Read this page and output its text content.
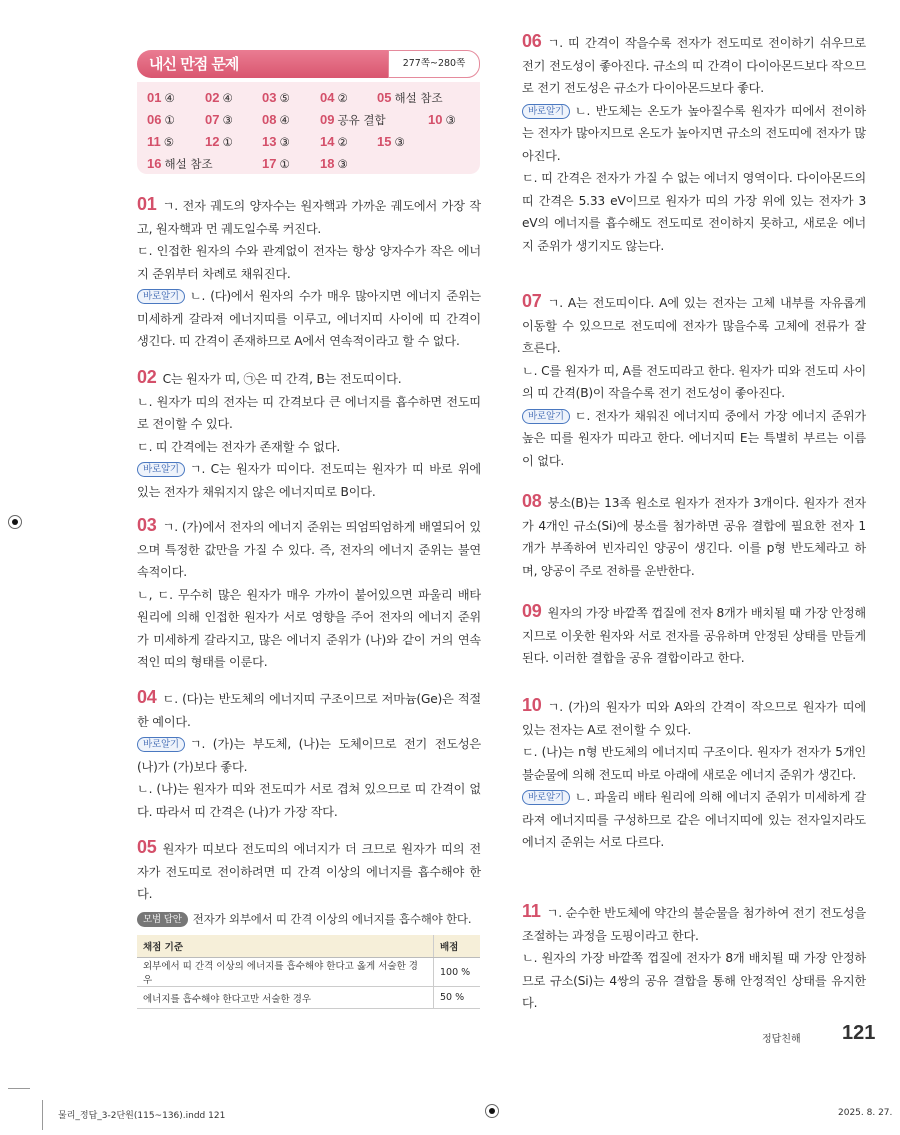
내신 만점 문제	277쪽~280쪽
01 ④ 02 ④ 03 ⑤ 04 ② 05 해설 참조
06 ① 07 ③ 08 ④ 09 공유 결합	10 ③
11 ⑤ 12 ① 13 ③ 14 ② 15 ③
16 해설 참조	17 ① 18 ③
01 ㄱ. 전자 궤도의 양자수는 원자핵과 가까운 궤도에서 가장 작고, 원자핵과 먼 궤도일수록 커진다.
ㄷ. 인접한 원자의 수와 관계없이 전자는 항상 양자수가 작은 에너지 준위부터 차례로 채워진다.
바로알기 ㄴ. (다)에서 원자의 수가 매우 많아지면 에너지 준위는 미세하게 갈라져 에너지띠를 이루고, 에너지띠 사이에 띠 간격이 생긴다. 띠 간격이 존재하므로 A에서 연속적이라고 할 수 없다.
02 C는 원자가 띠, ㉠은 띠 간격, B는 전도띠이다.
ㄴ. 원자가 띠의 전자는 띠 간격보다 큰 에너지를 흡수하면 전도띠로 전이할 수 있다.
ㄷ. 띠 간격에는 전자가 존재할 수 없다.
바로알기 ㄱ. C는 원자가 띠이다. 전도띠는 원자가 띠 바로 위에 있는 전자가 채워지지 않은 에너지띠로 B이다.
03 ㄱ. (가)에서 전자의 에너지 준위는 띄엄띄엄하게 배열되어 있으며 특정한 값만을 가질 수 있다. 즉, 전자의 에너지 준위는 불연속적이다.
ㄴ, ㄷ. 무수히 많은 원자가 매우 가까이 붙어있으면 파울리 배타 원리에 의해 인접한 원자가 서로 영향을 주어 전자의 에너지 준위가 미세하게 갈라지고, 많은 에너지 준위가 (나)와 같이 거의 연속적인 띠의 형태를 이룬다.
04 ㄷ. (다)는 반도체의 에너지띠 구조이므로 저마늄(Ge)은 적절한 예이다.
바로알기 ㄱ. (가)는 부도체, (나)는 도체이므로 전기 전도성은 (나)가 (가)보다 좋다.
ㄴ. (나)는 원자가 띠와 전도띠가 서로 겹쳐 있으므로 띠 간격이 없다. 따라서 띠 간격은 (나)가 가장 작다.
05 원자가 띠보다 전도띠의 에너지가 더 크므로 원자가 띠의 전자가 전도띠로 전이하려면 띠 간격 이상의 에너지를 흡수해야 한다.
모범 답안 전자가 외부에서 띠 간격 이상의 에너지를 흡수해야 한다.
06 ㄱ. 띠 간격이 작을수록 전자가 전도띠로 전이하기 쉬우므로 전기 전도성이 좋아진다. 규소의 띠 간격이 다이아몬드보다 작으므로 전기 전도성은 규소가 다이아몬드보다 좋다.
바로알기 ㄴ. 반도체는 온도가 높아질수록 원자가 띠에서 전이하는 전자가 많아지므로 온도가 높아지면 규소의 전도띠에 전자가 많아진다.
ㄷ. 띠 간격은 전자가 가질 수 없는 에너지 영역이다. 다이아몬드의 띠 간격은 5.33 eV이므로 원자가 띠의 가장 위에 있는 전자가 3 eV의 에너지를 흡수해도 전도띠로 전이하지 못하고, 새로운 에너지 준위가 생기지도 않는다.
07 ㄱ. A는 전도띠이다. A에 있는 전자는 고체 내부를 자유롭게 이동할 수 있으므로 전도띠에 전자가 많을수록 고체에 전류가 잘 흐른다.
ㄴ. C를 원자가 띠, A를 전도띠라고 한다. 원자가 띠와 전도띠 사이의 띠 간격(B)이 작을수록 전기 전도성이 좋아진다.
바로알기 ㄷ. 전자가 채워진 에너지띠 중에서 가장 에너지 준위가 높은 띠를 원자가 띠라고 한다. 에너지띠 E는 특별히 부르는 이름이 없다.
08 붕소(B)는 13족 원소로 원자가 전자가 3개이다. 원자가 전자가 4개인 규소(Si)에 붕소를 첨가하면 공유 결합에 필요한 전자 1개가 부족하여 빈자리인 양공이 생긴다. 이를 p형 반도체라고 하며, 양공이 주로 전하를 운반한다.
09 원자의 가장 바깥쪽 껍질에 전자 8개가 배치될 때 가장 안정해지므로 이웃한 원자와 서로 전자를 공유하며 안정된 상태를 만들게 된다. 이러한 결합을 공유 결합이라고 한다.
10 ㄱ. (가)의 원자가 띠와 A와의 간격이 작으므로 원자가 띠에 있는 전자는 A로 전이할 수 있다.
ㄷ. (나)는 n형 반도체의 에너지띠 구조이다. 원자가 전자가 5개인 불순물에 의해 전도띠 바로 아래에 새로운 에너지 준위가 생긴다.
바로알기 ㄴ. 파울리 배타 원리에 의해 에너지 준위가 미세하게 갈라져 에너지띠를 구성하므로 같은 에너지띠에 있는 전자일지라도 에너지 준위는 서로 다르다.
11 ㄱ. 순수한 반도체에 약간의 불순물을 첨가하여 전기 전도성을 조절하는 과정을 도핑이라고 한다.
ㄴ. 원자의 가장 바깥쪽 껍질에 전자가 8개 배치될 때 가장 안정하므로 규소(Si)는 4쌍의 공유 결합을 통해 안정적인 상태를 유지한다.
채점 기준	배점
외부에서 띠 간격 이상의 에너지를 흡수해야 한다고 옳게 서술한 경우	100 %
에너지를 흡수해야 한다고만 서술한 경우	50 %
정답친해 121
물리_정답_3-2단원(115~136).indd 121	2025. 8. 27.
